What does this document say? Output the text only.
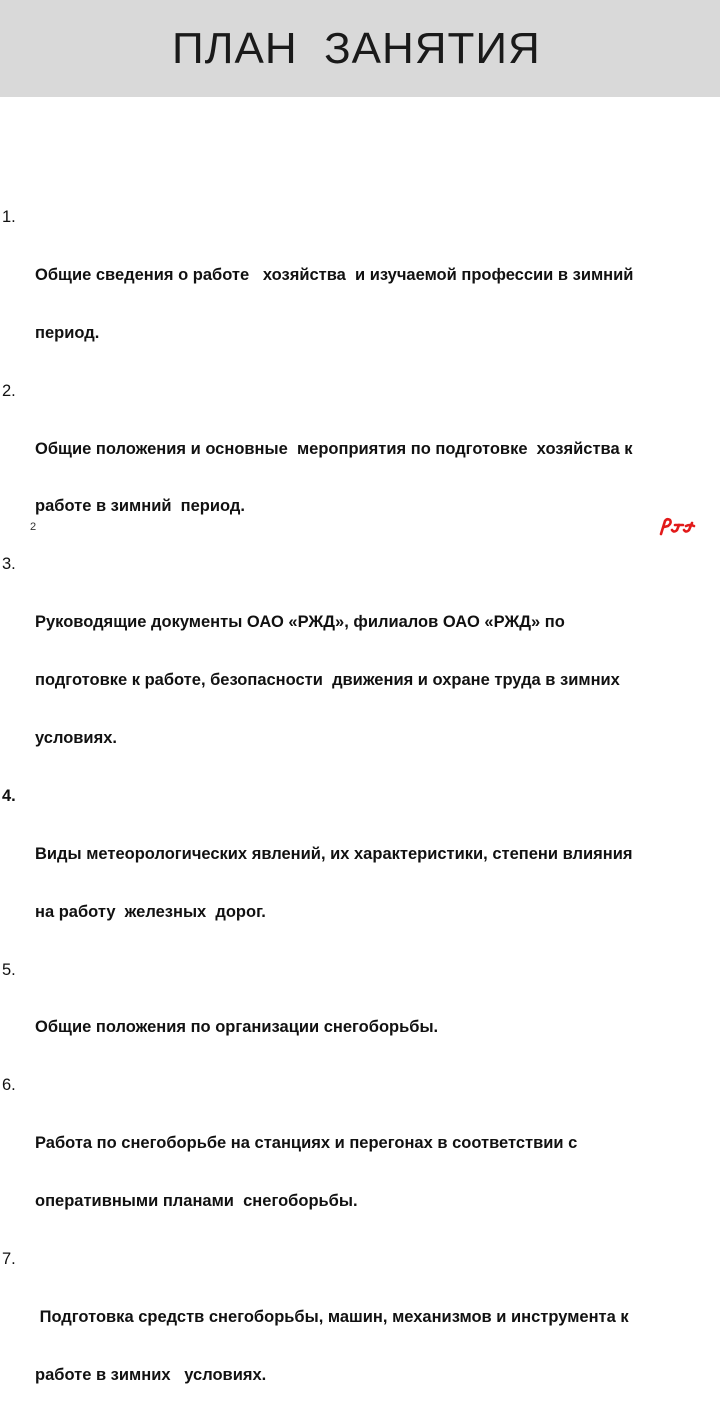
ПЛАН  ЗАНЯТИЯ

1.

Общие сведения о работе   хозяйства  и изучаемой профессии в зимний

период.

2.

Общие положения и основные  мероприятия по подготовке  хозяйства к

работе в зимний  период.

3.

Руководящие документы ОАО «РЖД», филиалов ОАО «РЖД» по

подготовке к работе, безопасности  движения и охране труда в зимних

условиях.

4.

Виды метеорологических явлений, их характеристики, степени влияния

на работу  железных  дорог.

5.

Общие положения по организации снегоборьбы.

6.

Работа по снегоборьбе на станциях и перегонах в соответствии с

оперативными планами  снегоборьбы.

7.

Подготовка средств снегоборьбы, машин, механизмов и инструмента к

работе в зимних   условиях.

2
